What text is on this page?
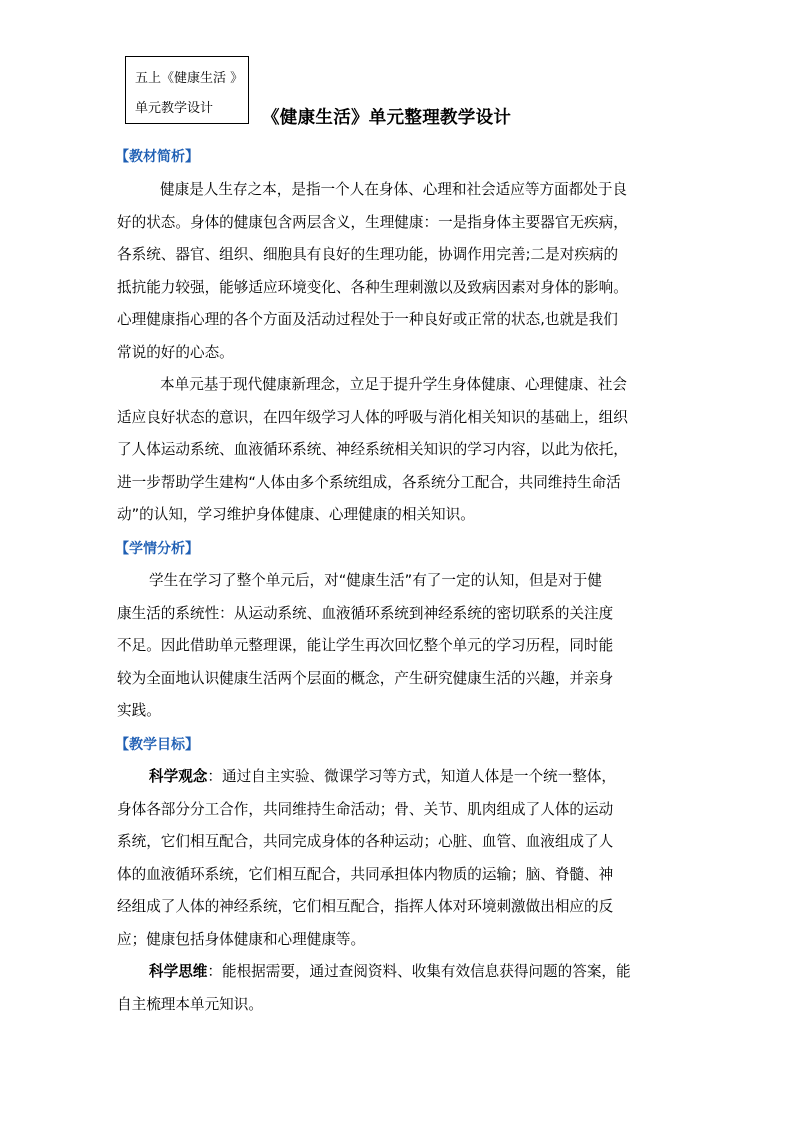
五上《健康生活 》
单元教学设计	《健康生活》单元整理教学设计
【教材简析】
健康是人生存之本，是指一个人在身体、心理和社会适应等方面都处于良
好的状态。身体的健康包含两层含义，生理健康：一是指身体主要器官无疾病，
各系统、器官、组织、细胞具有良好的生理功能，协调作用完善;二是对疾病的
抵抗能力较强，能够适应环境变化、各种生理刺激以及致病因素对身体的影响。
心理健康指心理的各个方面及活动过程处于一种良好或正常的状态,也就是我们
常说的好的心态。
本单元基于现代健康新理念，立足于提升学生身体健康、心理健康、社会
适应良好状态的意识，在四年级学习人体的呼吸与消化相关知识的基础上，组织
了人体运动系统、血液循环系统、神经系统相关知识的学习内容，以此为依托，
进一步帮助学生建构“人体由多个系统组成，各系统分工配合，共同维持生命活
动”的认知，学习维护身体健康、心理健康的相关知识。
【学情分析】
学生在学习了整个单元后，对“健康生活”有了一定的认知，但是对于健
康生活的系统性：从运动系统、血液循环系统到神经系统的密切联系的关注度
不足。因此借助单元整理课，能让学生再次回忆整个单元的学习历程，同时能
较为全面地认识健康生活两个层面的概念，产生研究健康生活的兴趣，并亲身
实践。
【教学目标】
科学观念：通过自主实验、微课学习等方式，知道人体是一个统一整体，
身体各部分分工合作，共同维持生命活动；骨、关节、肌肉组成了人体的运动
系统，它们相互配合，共同完成身体的各种运动；心脏、血管、血液组成了人
体的血液循环系统，它们相互配合，共同承担体内物质的运输；脑、脊髓、神
经组成了人体的神经系统，它们相互配合，指挥人体对环境刺激做出相应的反
应；健康包括身体健康和心理健康等。
科学思维：能根据需要，通过查阅资料、收集有效信息获得问题的答案，能
自主梳理本单元知识。
